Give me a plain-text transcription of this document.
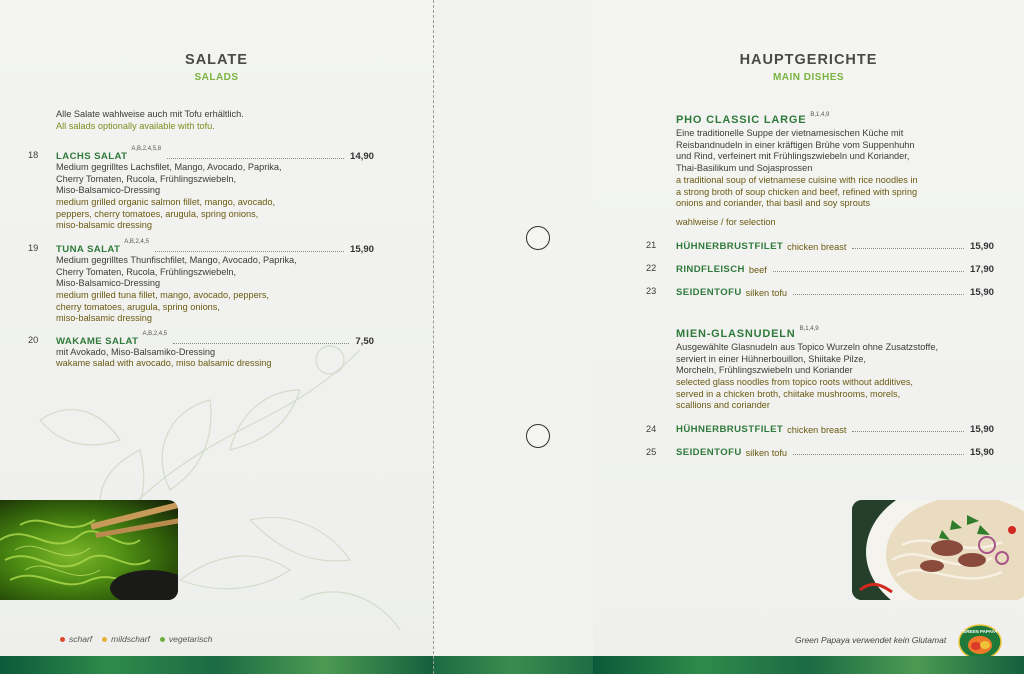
SALATE
SALADS
Alle Salate wahlweise auch mit Tofu erhältlich.
All salads optionally available with tofu.
18 LACHS SALAT
A,B,2,4,5,8
14,90
Medium gegrilltes Lachsfilet, Mango, Avocado, Paprika,
Cherry Tomaten, Rucola, Frühlingszwiebeln,
Miso-Balsamico-Dressing
medium grilled organic salmon fillet, mango, avocado,
peppers, cherry tomatoes, arugula, spring onions,
miso-balsamic dressing
19 TUNA SALAT
A,B,2,4,5
15,90
Medium gegrilltes Thunfischfilet, Mango, Avocado, Paprika,
Cherry Tomaten, Rucola, Frühlingszwiebeln,
Miso-Balsamico-Dressing
medium grilled tuna fillet, mango, avocado, peppers,
cherry tomatoes, arugula, spring onions,
miso-balsamic dressing
20 WAKAME SALAT
A,B,2,4,5
7,50
mit Avokado, Miso-Balsamiko-Dressing
wakame salad with avocado, miso balsamic dressing
scharf	mildscharf	vegetarisch
HAUPTGERICHTE
MAIN DISHES
PHO CLASSIC LARGE B,1,4,9
Eine traditionelle Suppe der vietnamesischen Küche mit
Reisbandnudeln in einer kräftigen Brühe vom Suppenhuhn
und Rind, verfeinert mit Frühlingszwiebeln und Koriander,
Thai-Basilikum und Sojasprossen
a traditional soup of vietnamese cuisine with rice noodles in
a strong broth of soup chicken and beef, refined with spring
onions and coriander, thai basil and soy sprouts
wahlweise / for selection
21 HÜHNERBRUSTFILET chicken breast	15,90
22 RINDFLEISCH beef	17,90
23 SEIDENTOFU silken tofu	15,90
MIEN-GLASNUDELN B,1,4,9
Ausgewählte Glasnudeln aus Topico Wurzeln ohne Zusatzstoffe,
serviert in einer Hühnerbouillon, Shiitake Pilze,
Morcheln, Frühlingszwiebeln und Koriander
selected glass noodles from topico roots without additives,
served in a chicken broth, chiitake mushrooms, morels,
scallions and coriander
24 HÜHNERBRUSTFILET chicken breast	15,90
25 SEIDENTOFU silken tofu	15,90
Green Papaya verwendet kein Glutamat
GREEN PAPAYA
